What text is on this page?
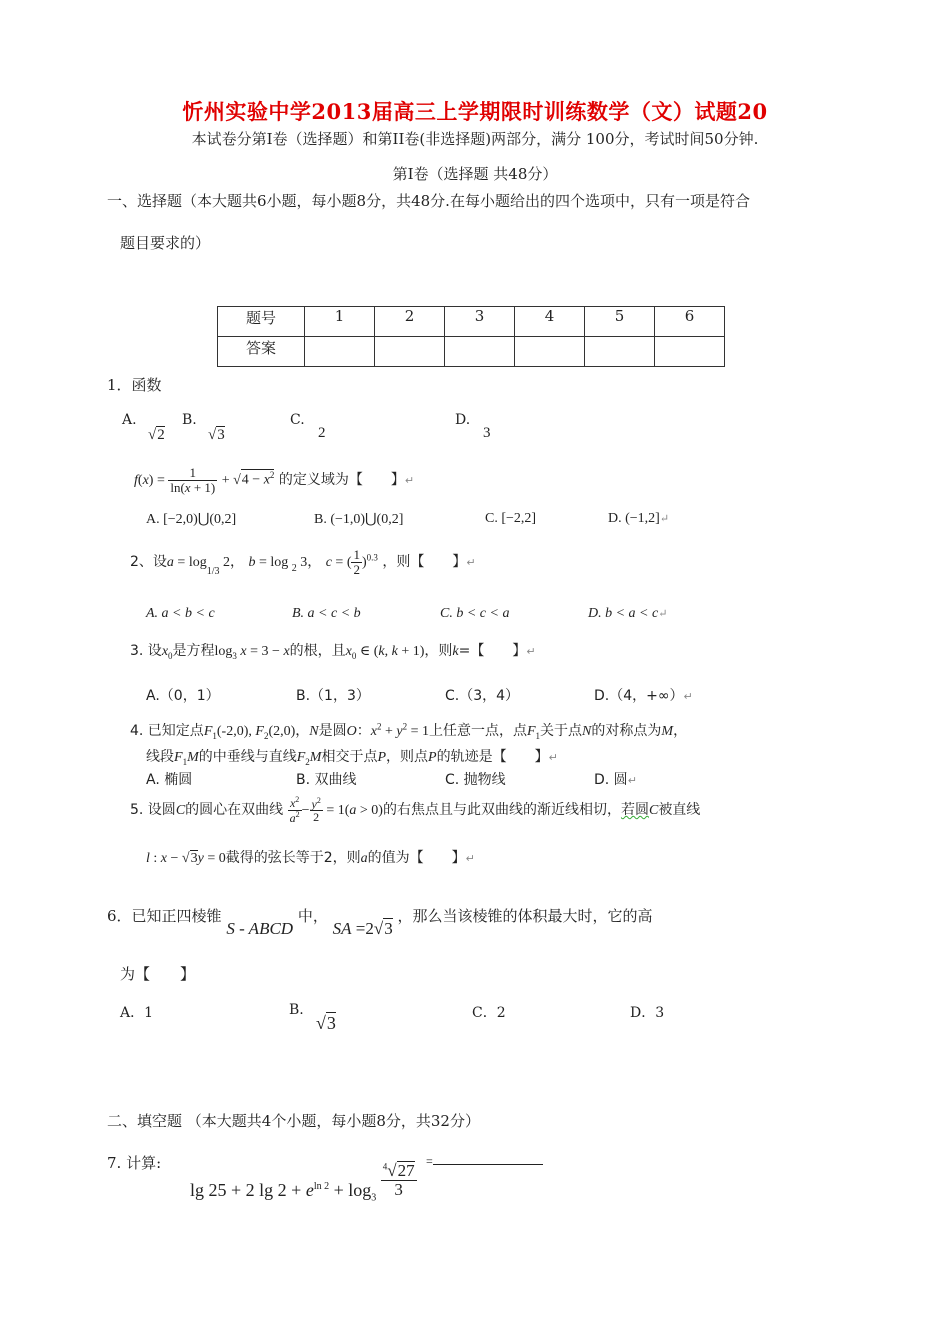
忻州实验中学2013届高三上学期限时训练数学（文）试题20
本试卷分第Ⅰ卷（选择题）和第II卷(非选择题)两部分，满分 100分，考试时间50分钟.
第Ⅰ卷（选择题 共48分）
一、选择题（本大题共6小题，每小题8分，共48分.在每小题给出的四个选项中，只有一项是符合
题目要求的）
题号	1	2	3	4	5	6
答案						
1．函数
A.
√2
B.
√3
C.
2
D.
3
$f(x) = \frac{1}{\ln(x + 1)} + √4 - x^2$ 的定义域为【　　】↵
A. [−2,0)⋃(0,2]	B. (−1,0)⋃(0,2]	C. [−2,2]	D. (−1,2]↵
2、设$a = \log_{1/3} 2$， b = log $_2$ 3， c = ( $\frac{1}{2} )^{0.3}$ ，则【　　】↵
A. a < b < c	B. a < c < b	C. b < c < a	D. b < a < c↵
3. 设$x_0$是方程$\log_3 x = 3 - x$的根，且$x_0$ ∈ (k, k + 1)，则k=【　　】↵
A.（0，1）	B.（1，3）	C.（3，4）	D.（4，+∞）↵
4. 已知定点$F_1(-2,0)$, $F_2(2,0)$，N是圆O：$x^2 + y^2 = 1$上任意一点，点$F_1$关于点N的对称点为M，
线段$F_1M$的中垂线与直线$F_2M$相交于点P，则点P的轨迹是【　　】↵
A. 椭圆	B. 双曲线	C. 抛物线	D. 圆↵
5. 设圆C的圆心在双曲线 $\frac{x^2}{a^2} - \frac{y^2}{2} = 1(a > 0)$的右焦点且与此双曲线的渐近线相切，若圆C被直线
l : x − √3y = 0截得的弦长等于2，则a的值为【　　】↵
6．已知正四棱锥 S - ABCD 中， SA =2√3 ，那么当该棱锥的体积最大时，它的高
为【　　】
A．1	B.
√3	C．2	D．3
二、填空题 （本大题共4个小题，每小题8分，共32分）
7. 计算:
lg 25 + 2 $\lg 2 + e^{ln 2} + \log_3 \frac{^4√27}{3}$ =
